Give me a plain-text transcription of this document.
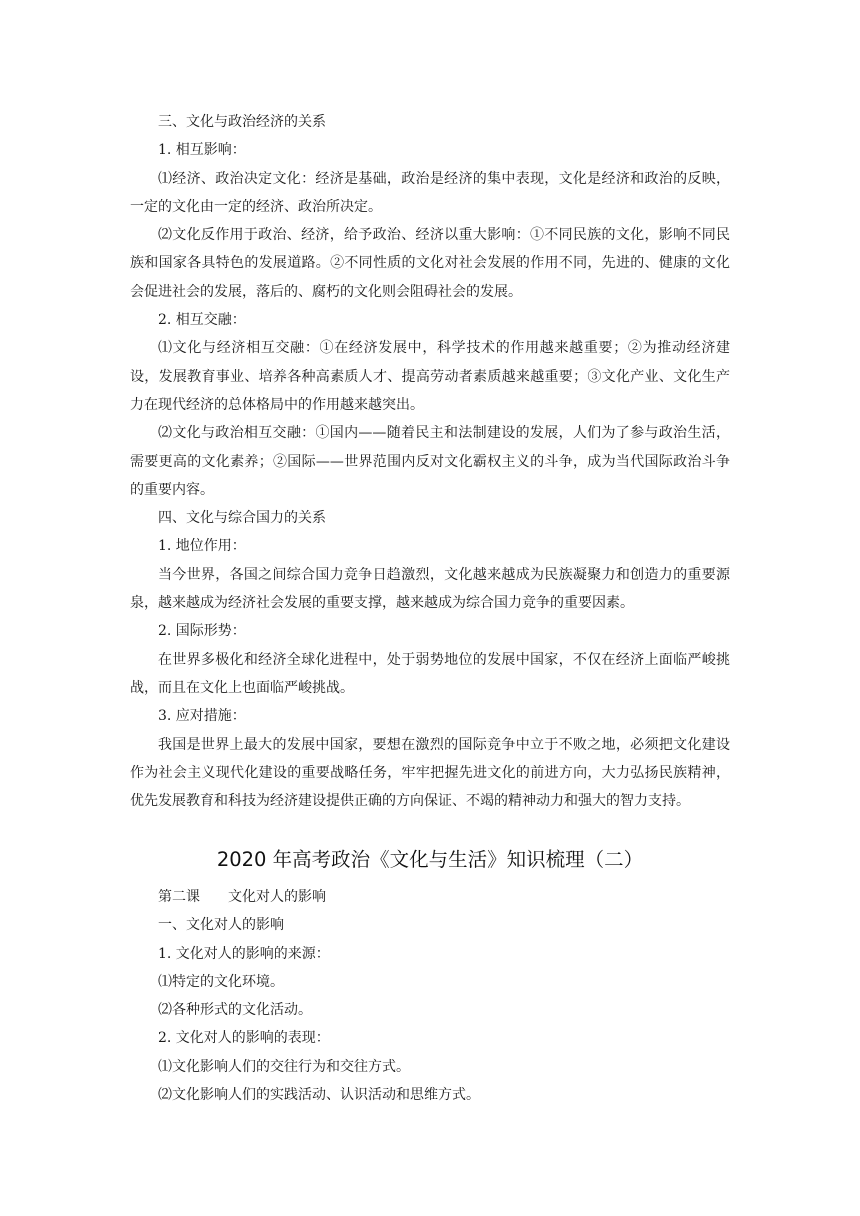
三、文化与政治经济的关系

1. 相互影响：

⑴经济、政治决定文化：经济是基础，政治是经济的集中表现，文化是经济和政治的反映，一定的文化由一定的经济、政治所决定。

⑵文化反作用于政治、经济，给予政治、经济以重大影响：①不同民族的文化，影响不同民族和国家各具特色的发展道路。②不同性质的文化对社会发展的作用不同，先进的、健康的文化会促进社会的发展，落后的、腐朽的文化则会阻碍社会的发展。

2. 相互交融：

⑴文化与经济相互交融：①在经济发展中，科学技术的作用越来越重要；②为推动经济建设，发展教育事业、培养各种高素质人才、提高劳动者素质越来越重要；③文化产业、文化生产力在现代经济的总体格局中的作用越来越突出。

⑵文化与政治相互交融：①国内——随着民主和法制建设的发展，人们为了参与政治生活，需要更高的文化素养；②国际——世界范围内反对文化霸权主义的斗争，成为当代国际政治斗争的重要内容。

四、文化与综合国力的关系

1. 地位作用：

当今世界，各国之间综合国力竞争日趋激烈，文化越来越成为民族凝聚力和创造力的重要源泉，越来越成为经济社会发展的重要支撑，越来越成为综合国力竞争的重要因素。

2. 国际形势：

在世界多极化和经济全球化进程中，处于弱势地位的发展中国家，不仅在经济上面临严峻挑战，而且在文化上也面临严峻挑战。

3. 应对措施：

我国是世界上最大的发展中国家，要想在激烈的国际竞争中立于不败之地，必须把文化建设作为社会主义现代化建设的重要战略任务，牢牢把握先进文化的前进方向，大力弘扬民族精神，优先发展教育和科技为经济建设提供正确的方向保证、不竭的精神动力和强大的智力支持。

2020 年高考政治《文化与生活》知识梳理（二）

第二课 文化对人的影响

一、文化对人的影响

1. 文化对人的影响的来源：

⑴特定的文化环境。

⑵各种形式的文化活动。

2. 文化对人的影响的表现：

⑴文化影响人们的交往行为和交往方式。

⑵文化影响人们的实践活动、认识活动和思维方式。
